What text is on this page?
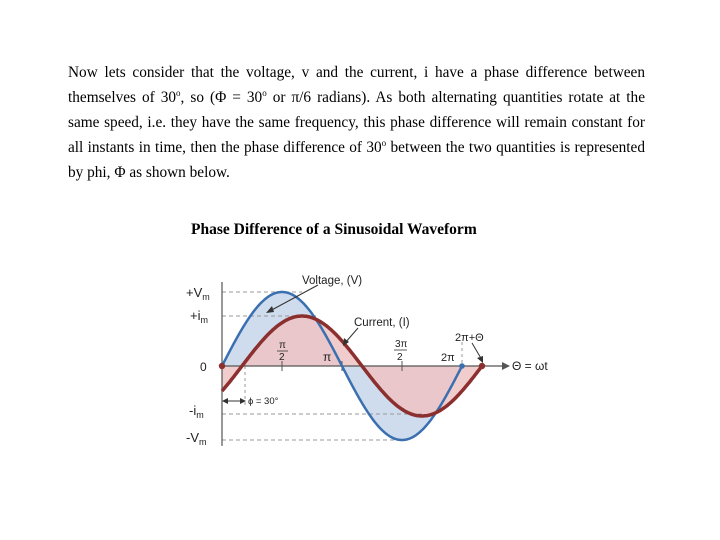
Now lets consider that the voltage, v and the current, i have a phase difference between themselves of 30$^o$, so ($\Phi = 30^o$ or π/6 radians). As both alternating quantities rotate at the same speed, i.e. they have the same frequency, this phase difference will remain constant for all instants in time, then the phase difference of 30$^o$ between the two quantities is represented by phi, Φ as shown below.
Phase Difference of a Sinusoidal Waveform
$+V_m$
$+i_m$
0
$-i_m$
$-V_m$
Voltage, (V)
Current, (I)
π
2	π
3π
2	2π
2π+Θ
Θ = ωt
ɸ = 30°
